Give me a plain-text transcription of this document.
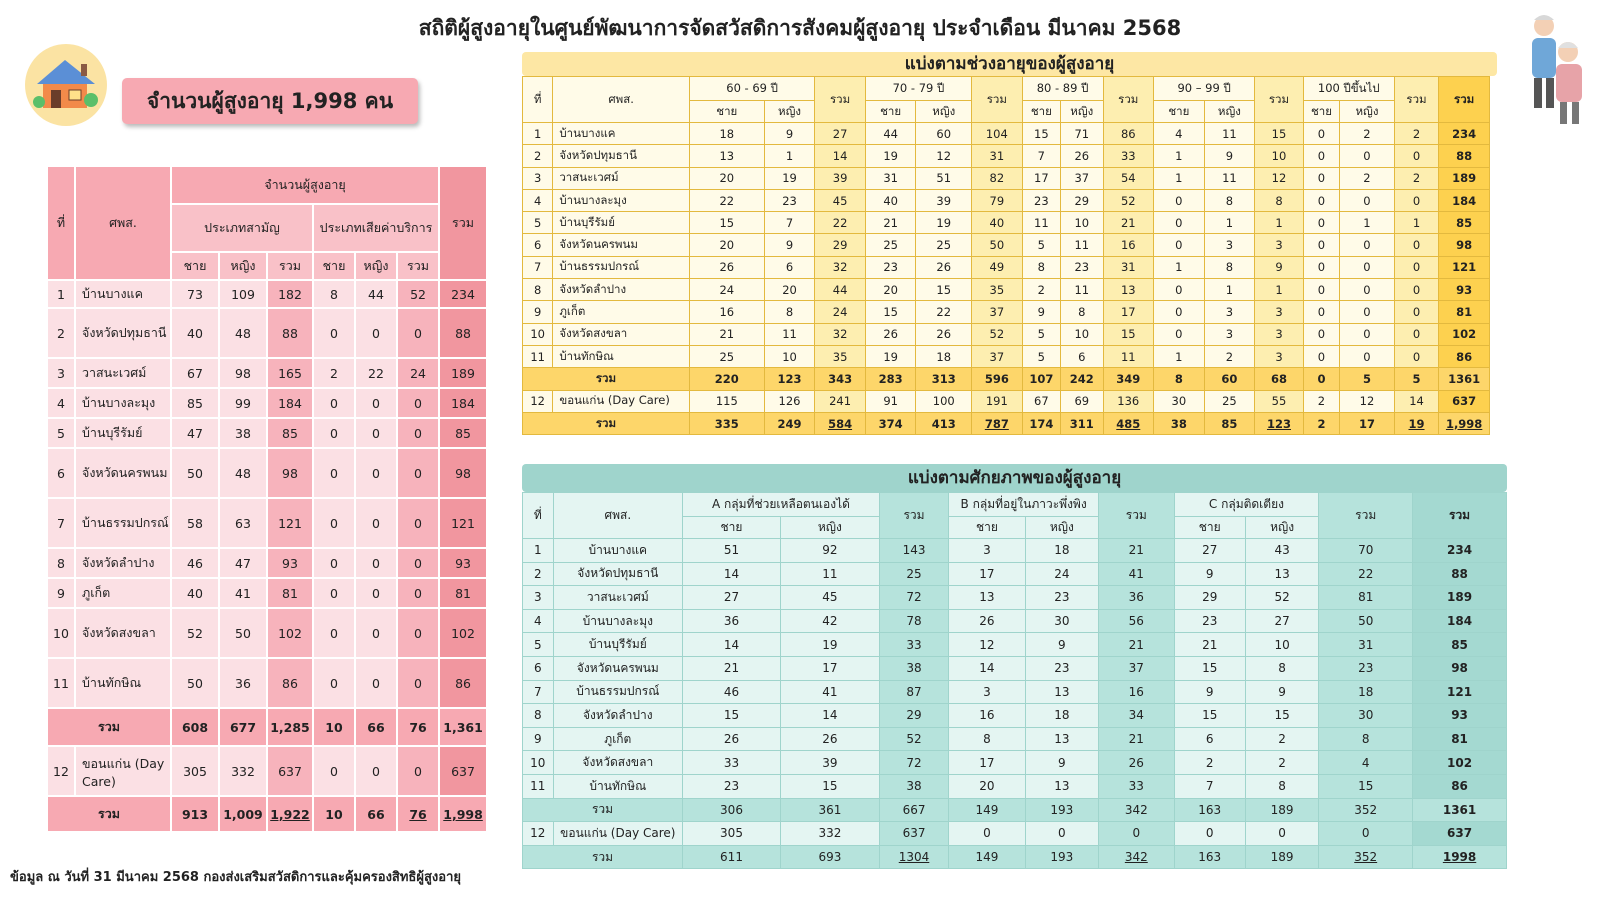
สถิติผู้สูงอายุในศูนย์พัฒนาการจัดสวัสดิการสังคมผู้สูงอายุ ประจำเดือน มีนาคม 2568
จำนวนผู้สูงอายุ 1,998 คน
ที่	ศพส.	จำนวนผู้สูงอายุ						รวม
		ประเภทสามัญ			ประเภทเสียค่าบริการ			
		ชาย	หญิง	รวม	ชาย	หญิง	รวม	
1	บ้านบางแค	73	109	182	8	44	52	234
2	จังหวัดปทุมธานี	40	48	88	0	0	0	88
3	วาสนะเวศม์	67	98	165	2	22	24	189
4	บ้านบางละมุง	85	99	184	0	0	0	184
5	บ้านบุรีรัมย์	47	38	85	0	0	0	85
6	จังหวัดนครพนม	50	48	98	0	0	0	98
7	บ้านธรรมปกรณ์	58	63	121	0	0	0	121
8	จังหวัดลำปาง	46	47	93	0	0	0	93
9	ภูเก็ต	40	41	81	0	0	0	81
10	จังหวัดสงขลา	52	50	102	0	0	0	102
11	บ้านทักษิณ	50	36	86	0	0	0	86
รวม		608	677	1,285	10	66	76	1,361
12	ขอนแก่น (Day Care)	305	332	637	0	0	0	637
รวม		913	1,009	1,922	10	66	76	1,998
แบ่งตามช่วงอายุของผู้สูงอายุ
ที่	ศพส.	60 - 69 ปี		รวม	70 - 79 ปี		รวม	80 - 89 ปี		รวม	90 – 99 ปี		รวม	100 ปีขึ้นไป		รวม	รวม
		ชาย	หญิง		ชาย	หญิง		ชาย	หญิง		ชาย	หญิง		ชาย	หญิง		
1	บ้านบางแค	18	9	27	44	60	104	15	71	86	4	11	15	0	2	2	234
2	จังหวัดปทุมธานี	13	1	14	19	12	31	7	26	33	1	9	10	0	0	0	88
3	วาสนะเวศม์	20	19	39	31	51	82	17	37	54	1	11	12	0	2	2	189
4	บ้านบางละมุง	22	23	45	40	39	79	23	29	52	0	8	8	0	0	0	184
5	บ้านบุรีรัมย์	15	7	22	21	19	40	11	10	21	0	1	1	0	1	1	85
6	จังหวัดนครพนม	20	9	29	25	25	50	5	11	16	0	3	3	0	0	0	98
7	บ้านธรรมปกรณ์	26	6	32	23	26	49	8	23	31	1	8	9	0	0	0	121
8	จังหวัดลำปาง	24	20	44	20	15	35	2	11	13	0	1	1	0	0	0	93
9	ภูเก็ต	16	8	24	15	22	37	9	8	17	0	3	3	0	0	0	81
10	จังหวัดสงขลา	21	11	32	26	26	52	5	10	15	0	3	3	0	0	0	102
11	บ้านทักษิณ	25	10	35	19	18	37	5	6	11	1	2	3	0	0	0	86
รวม		220	123	343	283	313	596	107	242	349	8	60	68	0	5	5	1361
12	ขอนแก่น (Day Care)	115	126	241	91	100	191	67	69	136	30	25	55	2	12	14	637
รวม		335	249	584	374	413	787	174	311	485	38	85	123	2	17	19	1,998
แบ่งตามศักยภาพของผู้สูงอายุ
ที่	ศพส.	A กลุ่มที่ช่วยเหลือตนเองได้		รวม	B กลุ่มที่อยู่ในภาวะพึ่งพิง		รวม	C กลุ่มติดเตียง		รวม	รวม
		ชาย	หญิง		ชาย	หญิง		ชาย	หญิง		
1	บ้านบางแค	51	92	143	3	18	21	27	43	70	234
2	จังหวัดปทุมธานี	14	11	25	17	24	41	9	13	22	88
3	วาสนะเวศม์	27	45	72	13	23	36	29	52	81	189
4	บ้านบางละมุง	36	42	78	26	30	56	23	27	50	184
5	บ้านบุรีรัมย์	14	19	33	12	9	21	21	10	31	85
6	จังหวัดนครพนม	21	17	38	14	23	37	15	8	23	98
7	บ้านธรรมปกรณ์	46	41	87	3	13	16	9	9	18	121
8	จังหวัดลำปาง	15	14	29	16	18	34	15	15	30	93
9	ภูเก็ต	26	26	52	8	13	21	6	2	8	81
10	จังหวัดสงขลา	33	39	72	17	9	26	2	2	4	102
11	บ้านทักษิณ	23	15	38	20	13	33	7	8	15	86
รวม		306	361	667	149	193	342	163	189	352	1361
12	ขอนแก่น (Day Care)	305	332	637	0	0	0	0	0	0	637
รวม		611	693	1304	149	193	342	163	189	352	1998
ข้อมูล ณ วันที่ 31 มีนาคม 2568 กองส่งเสริมสวัสดิการและคุ้มครองสิทธิผู้สูงอายุ
